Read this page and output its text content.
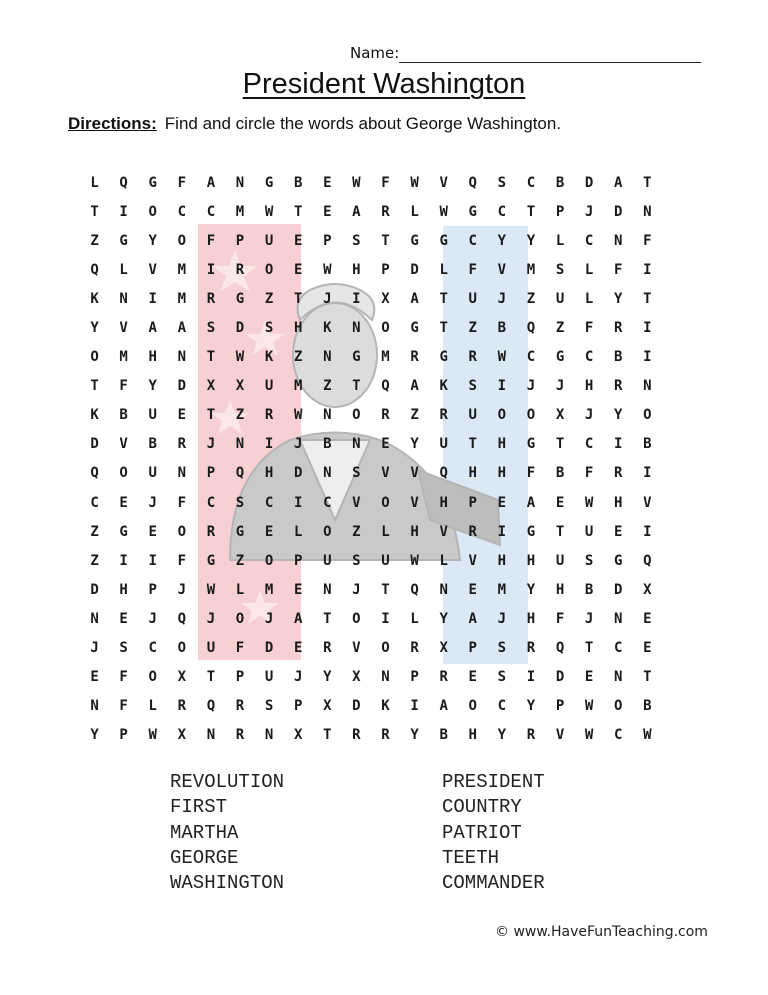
Name:
President Washington
Directions: Find and circle the words about George Washington.
L	Q	G	F	A	N	G	B	E	W	F	W	V	Q	S	C	B	D	A	T
T	I	O	C	C	M	W	T	E	A	R	L	W	G	C	T	P	J	D	N
Z	G	Y	O	F	P	U	E	P	S	T	G	G	C	Y	Y	L	C	N	F
Q	L	V	M	I	R	O	E	W	H	P	D	L	F	V	M	S	L	F	I
K	N	I	M	R	G	Z	T	J	I	X	A	T	U	J	Z	U	L	Y	T
Y	V	A	A	S	D	S	H	K	N	O	G	T	Z	B	Q	Z	F	R	I
O	M	H	N	T	W	K	Z	N	G	M	R	G	R	W	C	G	C	B	I
T	F	Y	D	X	X	U	M	Z	T	Q	A	K	S	I	J	J	H	R	N
K	B	U	E	T	Z	R	W	N	O	R	Z	R	U	O	O	X	J	Y	O
D	V	B	R	J	N	I	J	B	N	E	Y	U	T	H	G	T	C	I	B
Q	O	U	N	P	Q	H	D	N	S	V	V	Q	H	H	F	B	F	R	I
C	E	J	F	C	S	C	I	C	V	O	V	H	P	E	A	E	W	H	V
Z	G	E	O	R	G	E	L	O	Z	L	H	V	R	I	G	T	U	E	I
Z	I	I	F	G	Z	O	P	U	S	U	W	L	V	H	H	U	S	G	Q
D	H	P	J	W	L	M	E	N	J	T	Q	N	E	M	Y	H	B	D	X
N	E	J	Q	J	O	J	A	T	O	I	L	Y	A	J	H	F	J	N	E
J	S	C	O	U	F	D	E	R	V	O	R	X	P	S	R	Q	T	C	E
E	F	O	X	T	P	U	J	Y	X	N	P	R	E	S	I	D	E	N	T
N	F	L	R	Q	R	S	P	X	D	K	I	A	O	C	Y	P	W	O	B
Y	P	W	X	N	R	N	X	T	R	R	Y	B	H	Y	R	V	W	C	W
REVOLUTION
FIRST
MARTHA
GEORGE
WASHINGTON
PRESIDENT
COUNTRY
PATRIOT
TEETH
COMMANDER
© www.HaveFunTeaching.com
